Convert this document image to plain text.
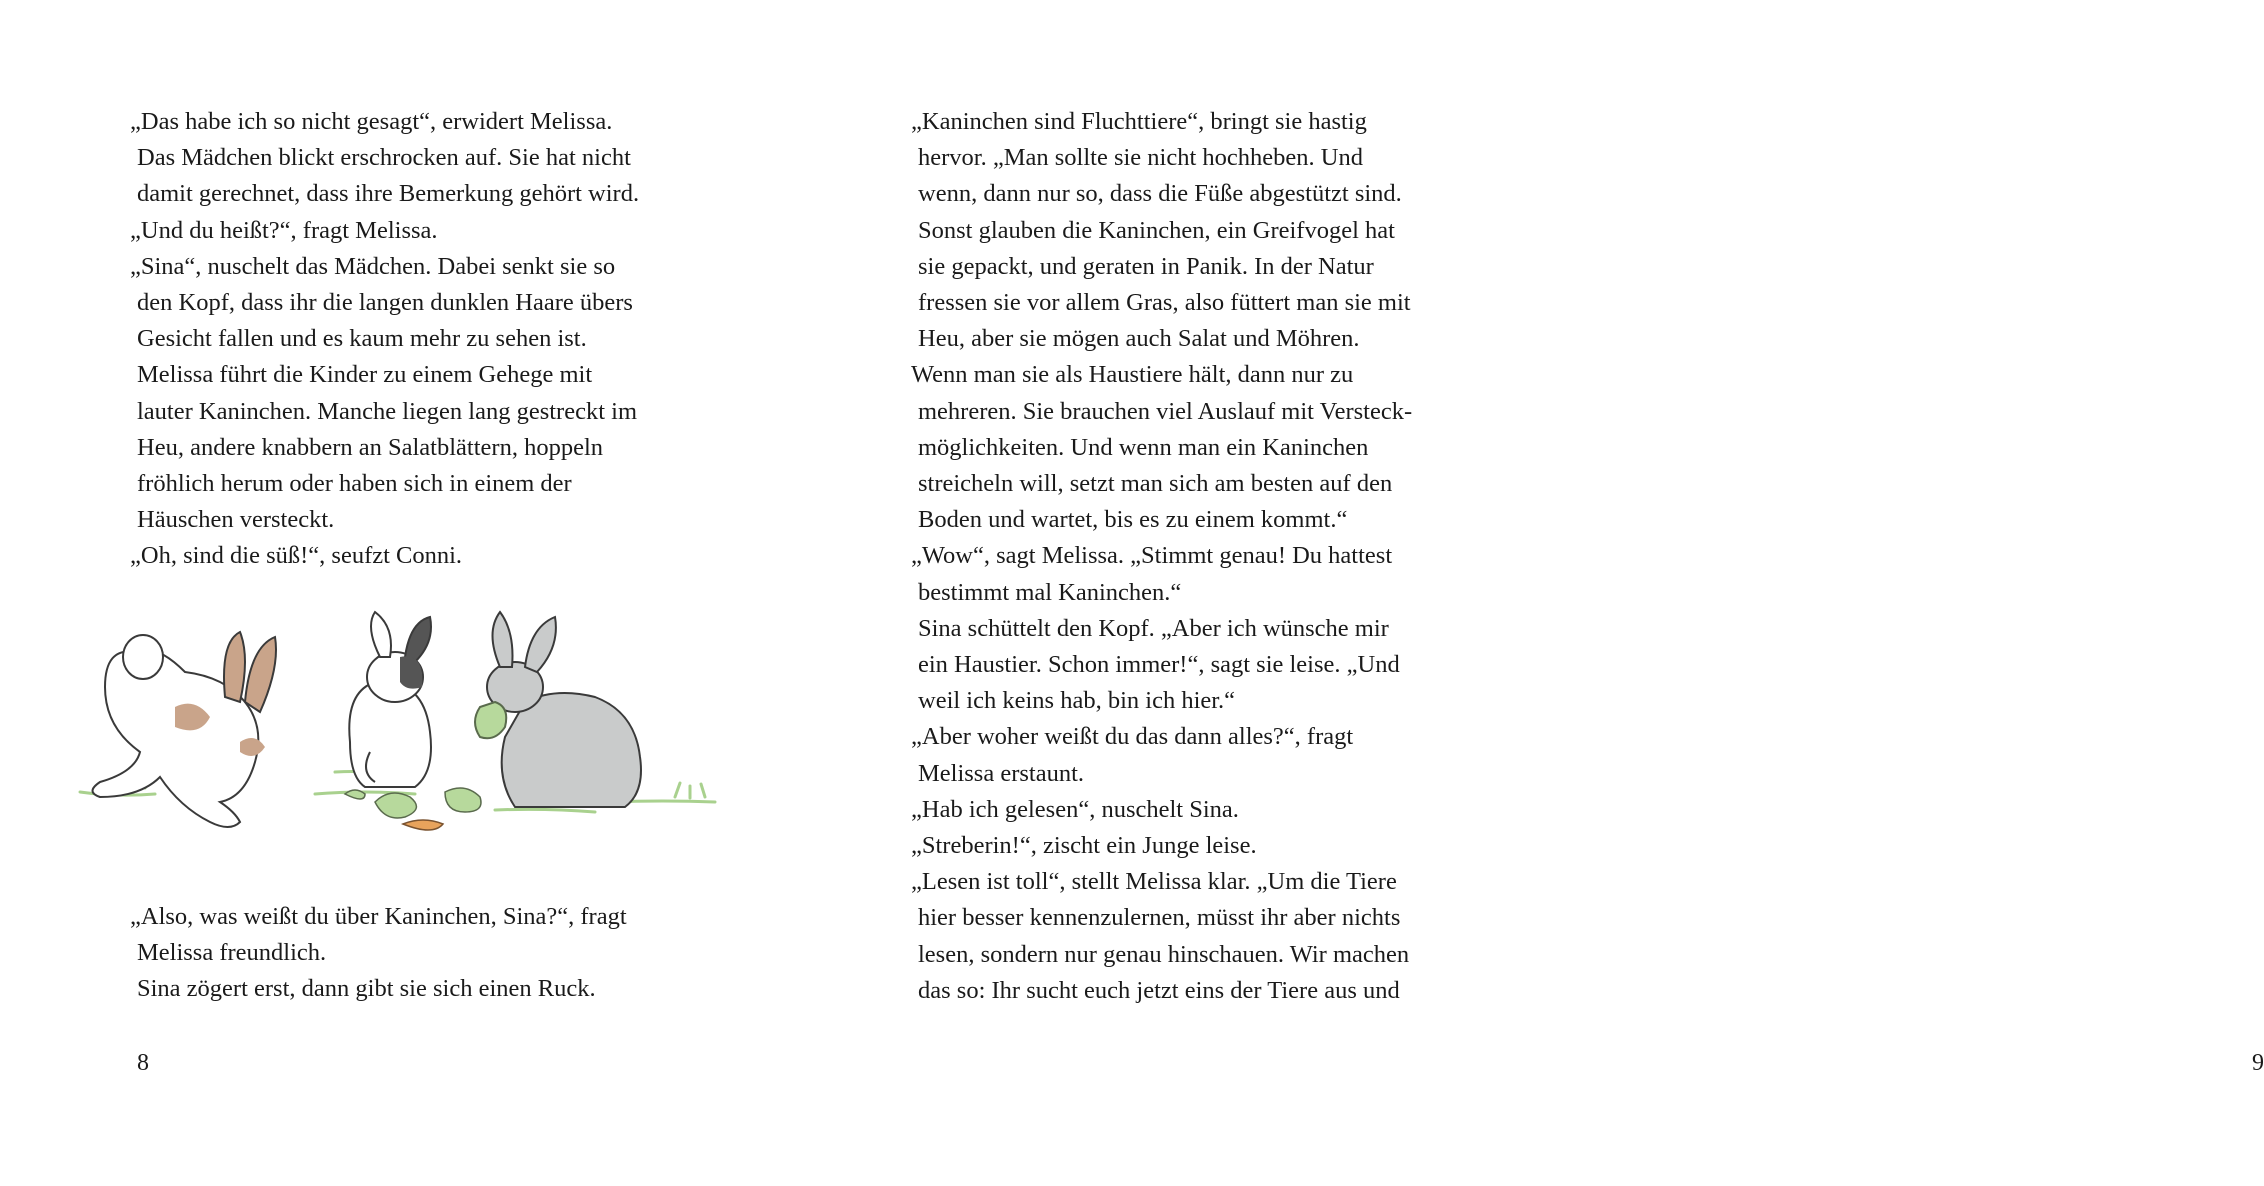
„Das habe ich so nicht gesagt“, erwidert Melissa.
Das Mädchen blickt erschrocken auf. Sie hat nicht
damit gerechnet, dass ihre Bemerkung gehört wird.
„Und du heißt?“, fragt Melissa.
„Sina“, nuschelt das Mädchen. Dabei senkt sie so
den Kopf, dass ihr die langen dunklen Haare übers
Gesicht fallen und es kaum mehr zu sehen ist.
Melissa führt die Kinder zu einem Gehege mit
lauter Kaninchen. Manche liegen lang gestreckt im
Heu, andere knabbern an Salatblättern, hoppeln
fröhlich herum oder haben sich in einem der
Häuschen versteckt.
„Oh, sind die süß!“, seufzt Conni.
„Also, was weißt du über Kaninchen, Sina?“, fragt
Melissa freundlich.
Sina zögert erst, dann gibt sie sich einen Ruck.
8
„Kaninchen sind Fluchttiere“, bringt sie hastig
hervor. „Man sollte sie nicht hochheben. Und
wenn, dann nur so, dass die Füße abgestützt sind.
Sonst glauben die Kaninchen, ein Greifvogel hat
sie gepackt, und geraten in Panik. In der Natur
fressen sie vor allem Gras, also füttert man sie mit
Heu, aber sie mögen auch Salat und Möhren.
Wenn man sie als Haustiere hält, dann nur zu
mehreren. Sie brauchen viel Auslauf mit Versteck-
möglichkeiten. Und wenn man ein Kaninchen
streicheln will, setzt man sich am besten auf den
Boden und wartet, bis es zu einem kommt.“
„Wow“, sagt Melissa. „Stimmt genau! Du hattest
bestimmt mal Kaninchen.“
Sina schüttelt den Kopf. „Aber ich wünsche mir
ein Haustier. Schon immer!“, sagt sie leise. „Und
weil ich keins hab, bin ich hier.“
„Aber woher weißt du das dann alles?“, fragt
Melissa erstaunt.
„Hab ich gelesen“, nuschelt Sina.
„Streberin!“, zischt ein Junge leise.
„Lesen ist toll“, stellt Melissa klar. „Um die Tiere
hier besser kennenzulernen, müsst ihr aber nichts
lesen, sondern nur genau hinschauen. Wir machen
das so: Ihr sucht euch jetzt eins der Tiere aus und
9
